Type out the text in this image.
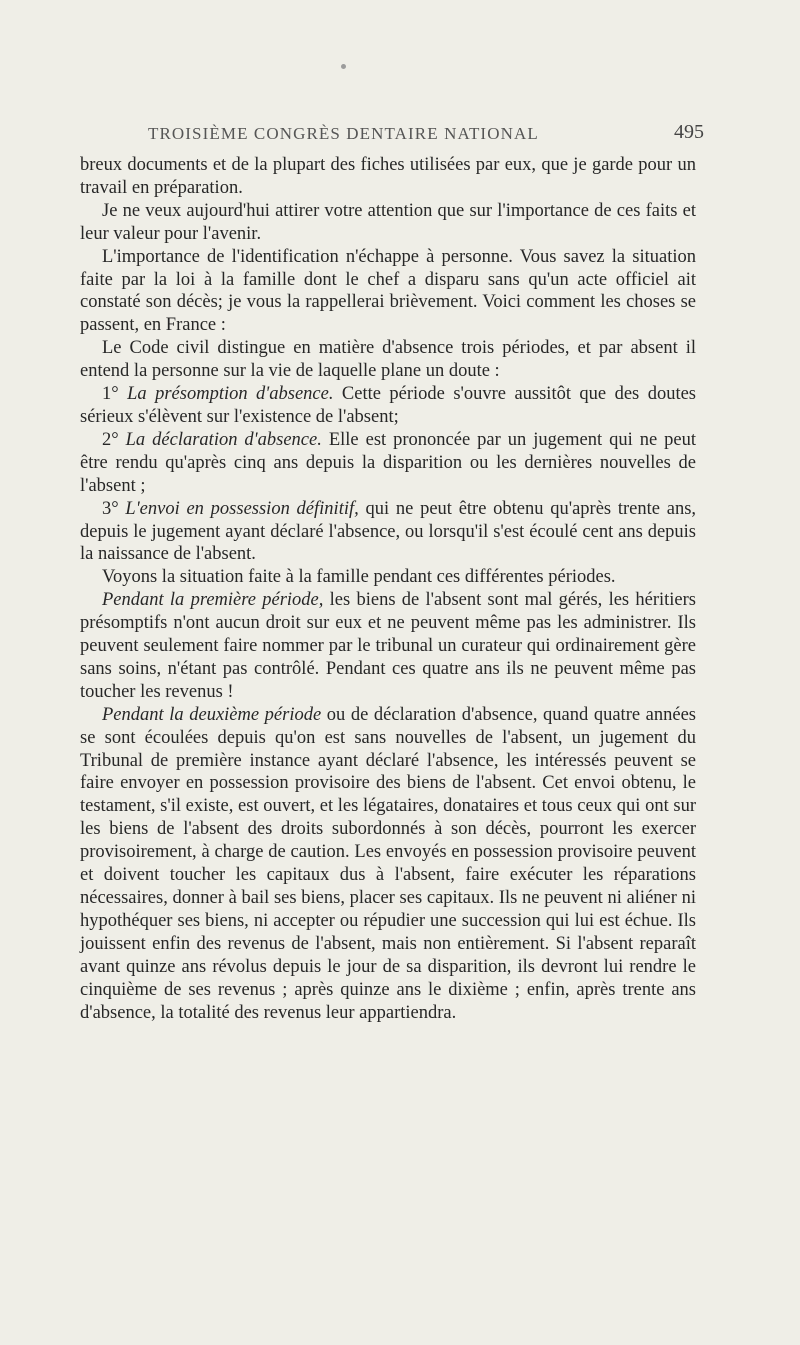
TROISIÈME CONGRÈS DENTAIRE NATIONAL	495

breux documents et de la plupart des fiches utilisées par eux, que je garde pour un travail en préparation.

Je ne veux aujourd'hui attirer votre attention que sur l'importance de ces faits et leur valeur pour l'avenir.

L'importance de l'identification n'échappe à personne. Vous savez la situation faite par la loi à la famille dont le chef a disparu sans qu'un acte officiel ait constaté son décès; je vous la rappellerai brièvement. Voici comment les choses se passent, en France :

Le Code civil distingue en matière d'absence trois périodes, et par absent il entend la personne sur la vie de laquelle plane un doute :

1° La présomption d'absence. Cette période s'ouvre aussitôt que des doutes sérieux s'élèvent sur l'existence de l'absent;

2° La déclaration d'absence. Elle est prononcée par un jugement qui ne peut être rendu qu'après cinq ans depuis la disparition ou les dernières nouvelles de l'absent ;

3° L'envoi en possession définitif, qui ne peut être obtenu qu'après trente ans, depuis le jugement ayant déclaré l'absence, ou lorsqu'il s'est écoulé cent ans depuis la naissance de l'absent.

Voyons la situation faite à la famille pendant ces différentes périodes.

Pendant la première période, les biens de l'absent sont mal gérés, les héritiers présomptifs n'ont aucun droit sur eux et ne peuvent même pas les administrer. Ils peuvent seulement faire nommer par le tribunal un curateur qui ordinairement gère sans soins, n'étant pas contrôlé. Pendant ces quatre ans ils ne peuvent même pas toucher les revenus !

Pendant la deuxième période ou de déclaration d'absence, quand quatre années se sont écoulées depuis qu'on est sans nouvelles de l'absent, un jugement du Tribunal de première instance ayant déclaré l'absence, les intéressés peuvent se faire envoyer en possession provisoire des biens de l'absent. Cet envoi obtenu, le testament, s'il existe, est ouvert, et les légataires, donataires et tous ceux qui ont sur les biens de l'absent des droits subordonnés à son décès, pourront les exercer provisoirement, à charge de caution. Les envoyés en possession provisoire peuvent et doivent toucher les capitaux dus à l'absent, faire exécuter les réparations nécessaires, donner à bail ses biens, placer ses capitaux. Ils ne peuvent ni aliéner ni hypothéquer ses biens, ni accepter ou répudier une succession qui lui est échue. Ils jouissent enfin des revenus de l'absent, mais non entièrement. Si l'absent reparaît avant quinze ans révolus depuis le jour de sa disparition, ils devront lui rendre le cinquième de ses revenus ; après quinze ans le dixième ; enfin, après trente ans d'absence, la totalité des revenus leur appartiendra.
